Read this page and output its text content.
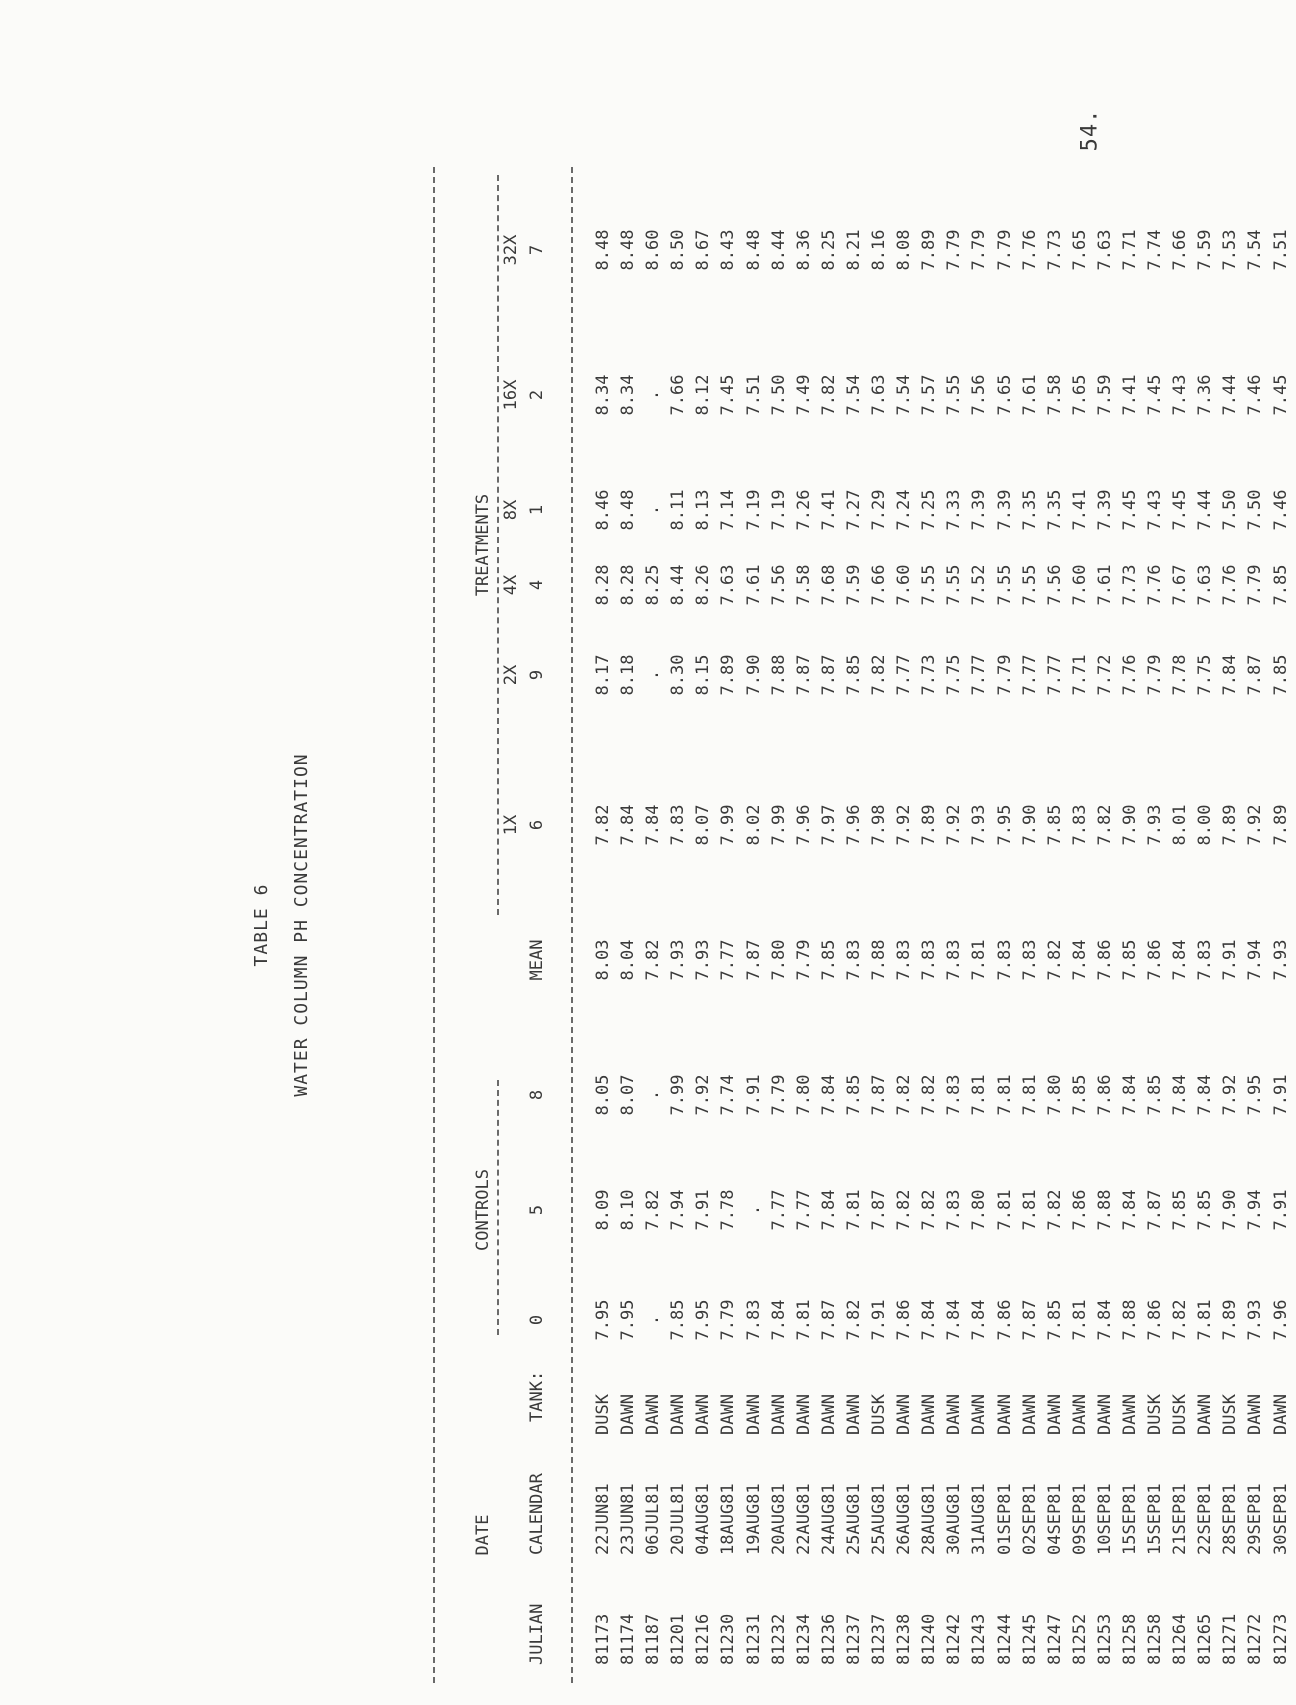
54.
TABLE 6 WATER COLUMN PH CONCENTRATION
DATE
CONTROLS
TREATMENTS
1X
2X
4X
8X
16X
32X
JULIAN
CALENDAR
TANK:
0
5
8
MEAN
6
9
4
1
2
7
81173
22JUN81
DUSK
7.95
8.09
8.05
8.03
7.82
8.17
8.28
8.46
8.34
8.48
81174
23JUN81
DAWN
7.95
8.10
8.07
8.04
7.84
8.18
8.28
8.48
8.34
8.48
81187
06JUL81
DAWN
.
7.82
.
7.82
7.84
.
8.25
.
.
8.60
81201
20JUL81
DAWN
7.85
7.94
7.99
7.93
7.83
8.30
8.44
8.11
7.66
8.50
81216
04AUG81
DAWN
7.95
7.91
7.92
7.93
8.07
8.15
8.26
8.13
8.12
8.67
81230
18AUG81
DAWN
7.79
7.78
7.74
7.77
7.99
7.89
7.63
7.14
7.45
8.43
81231
19AUG81
DAWN
7.83
.
7.91
7.87
8.02
7.90
7.61
7.19
7.51
8.48
81232
20AUG81
DAWN
7.84
7.77
7.79
7.80
7.99
7.88
7.56
7.19
7.50
8.44
81234
22AUG81
DAWN
7.81
7.77
7.80
7.79
7.96
7.87
7.58
7.26
7.49
8.36
81236
24AUG81
DAWN
7.87
7.84
7.84
7.85
7.97
7.87
7.68
7.41
7.82
8.25
81237
25AUG81
DAWN
7.82
7.81
7.85
7.83
7.96
7.85
7.59
7.27
7.54
8.21
81237
25AUG81
DUSK
7.91
7.87
7.87
7.88
7.98
7.82
7.66
7.29
7.63
8.16
81238
26AUG81
DAWN
7.86
7.82
7.82
7.83
7.92
7.77
7.60
7.24
7.54
8.08
81240
28AUG81
DAWN
7.84
7.82
7.82
7.83
7.89
7.73
7.55
7.25
7.57
7.89
81242
30AUG81
DAWN
7.84
7.83
7.83
7.83
7.92
7.75
7.55
7.33
7.55
7.79
81243
31AUG81
DAWN
7.84
7.80
7.81
7.81
7.93
7.77
7.52
7.39
7.56
7.79
81244
01SEP81
DAWN
7.86
7.81
7.81
7.83
7.95
7.79
7.55
7.39
7.65
7.79
81245
02SEP81
DAWN
7.87
7.81
7.81
7.83
7.90
7.77
7.55
7.35
7.61
7.76
81247
04SEP81
DAWN
7.85
7.82
7.80
7.82
7.85
7.77
7.56
7.35
7.58
7.73
81252
09SEP81
DAWN
7.81
7.86
7.85
7.84
7.83
7.71
7.60
7.41
7.65
7.65
81253
10SEP81
DAWN
7.84
7.88
7.86
7.86
7.82
7.72
7.61
7.39
7.59
7.63
81258
15SEP81
DAWN
7.88
7.84
7.84
7.85
7.90
7.76
7.73
7.45
7.41
7.71
81258
15SEP81
DUSK
7.86
7.87
7.85
7.86
7.93
7.79
7.76
7.43
7.45
7.74
81264
21SEP81
DUSK
7.82
7.85
7.84
7.84
8.01
7.78
7.67
7.45
7.43
7.66
81265
22SEP81
DAWN
7.81
7.85
7.84
7.83
8.00
7.75
7.63
7.44
7.36
7.59
81271
28SEP81
DUSK
7.89
7.90
7.92
7.91
7.89
7.84
7.76
7.50
7.44
7.53
81272
29SEP81
DAWN
7.93
7.94
7.95
7.94
7.92
7.87
7.79
7.50
7.46
7.54
81273
30SEP81
DAWN
7.96
7.91
7.91
7.93
7.89
7.85
7.85
7.46
7.45
7.51
